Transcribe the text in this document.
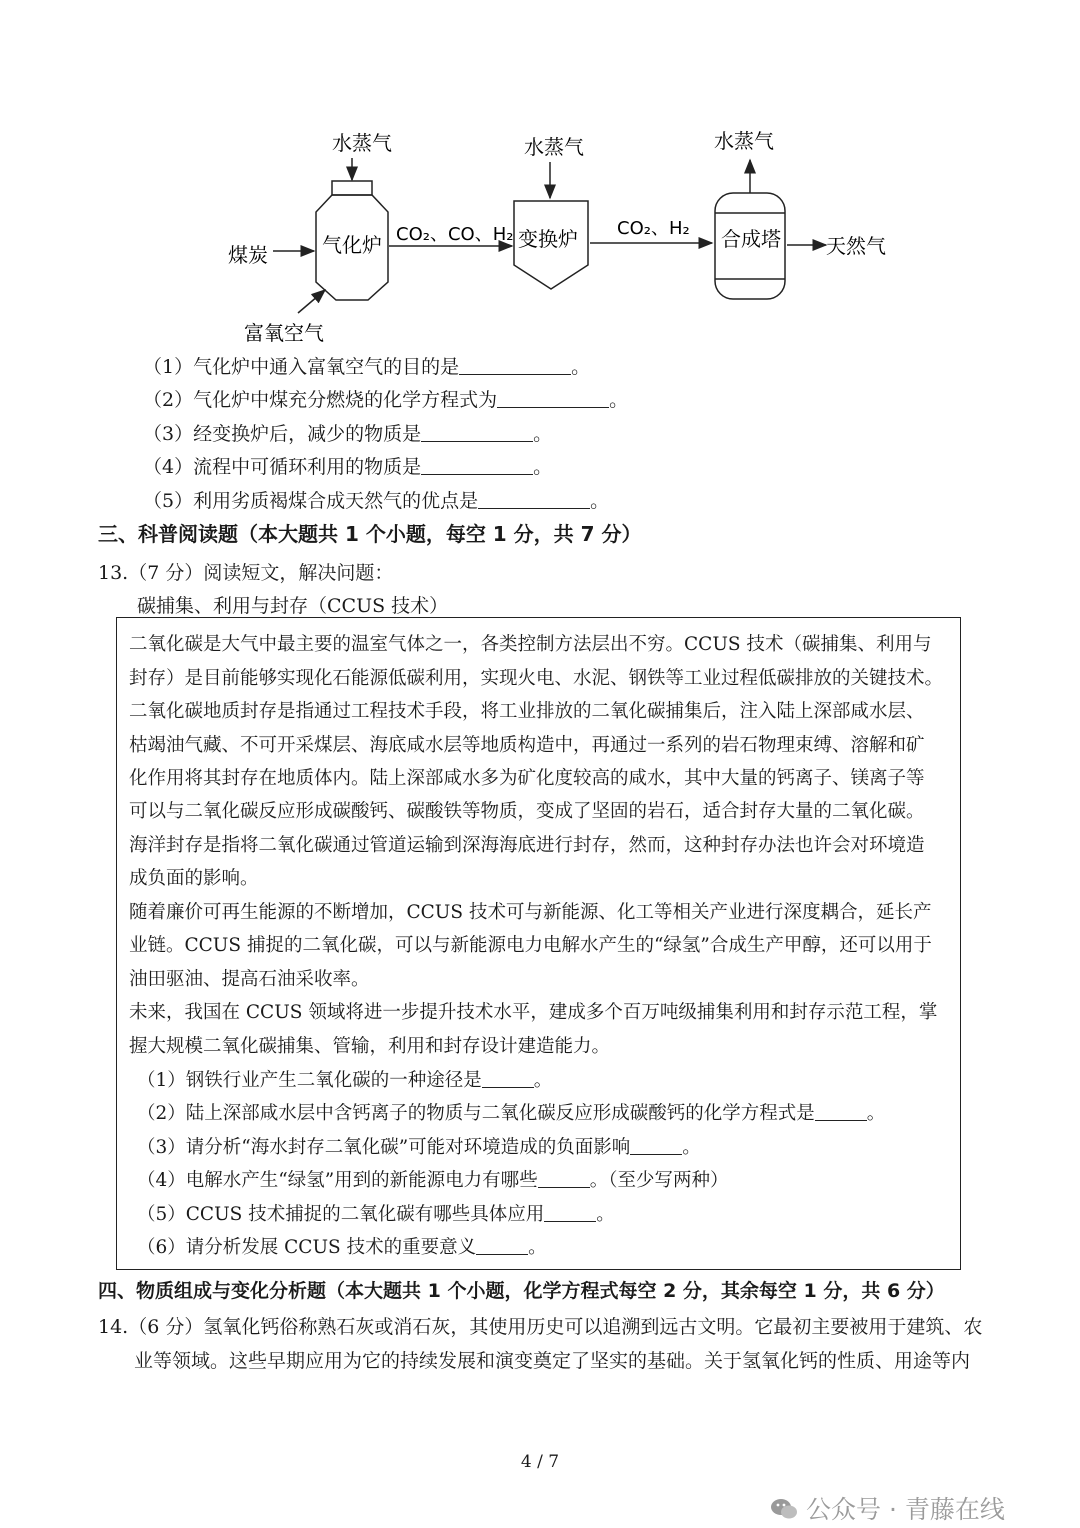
水蒸气
气化炉
煤炭
富氧空气
CO₂、CO、H₂
水蒸气
变换炉 CO₂、H₂
水蒸气
合成塔 天然气
（1）气化炉中通入富氧空气的目的是	。
（2）气化炉中煤充分燃烧的化学方程式为	。
（3）经变换炉后，减少的物质是	。
（4）流程中可循环利用的物质是	。
（5）利用劣质褐煤合成天然气的优点是	。
三、科普阅读题（本大题共 1 个小题，每空 1 分，共 7 分）
13.（7 分）阅读短文，解决问题：
碳捕集、利用与封存（CCUS 技术）
二氧化碳是大气中最主要的温室气体之一，各类控制方法层出不穷。CCUS 技术（碳捕集、利用与
封存）是目前能够实现化石能源低碳利用，实现火电、水泥、钢铁等工业过程低碳排放的关键技术。
二氧化碳地质封存是指通过工程技术手段，将工业排放的二氧化碳捕集后，注入陆上深部咸水层、
枯竭油气藏、不可开采煤层、海底咸水层等地质构造中，再通过一系列的岩石物理束缚、溶解和矿
化作用将其封存在地质体内。陆上深部咸水多为矿化度较高的咸水，其中大量的钙离子、镁离子等
可以与二氧化碳反应形成碳酸钙、碳酸铁等物质，变成了坚固的岩石，适合封存大量的二氧化碳。
海洋封存是指将二氧化碳通过管道运输到深海海底进行封存，然而，这种封存办法也许会对环境造
成负面的影响。
随着廉价可再生能源的不断增加，CCUS 技术可与新能源、化工等相关产业进行深度耦合，延长产
业链。CCUS 捕捉的二氧化碳，可以与新能源电力电解水产生的“绿氢”合成生产甲醇，还可以用于
油田驱油、提高石油采收率。
未来，我国在 CCUS 领域将进一步提升技术水平，建成多个百万吨级捕集利用和封存示范工程，掌
握大规模二氧化碳捕集、管输，利用和封存设计建造能力。
（1）钢铁行业产生二氧化碳的一种途径是	。
（2）陆上深部咸水层中含钙离子的物质与二氧化碳反应形成碳酸钙的化学方程式是	。
（3）请分析“海水封存二氧化碳”可能对环境造成的负面影响	。
（4）电解水产生“绿氢”用到的新能源电力有哪些	。（至少写两种）
（5）CCUS 技术捕捉的二氧化碳有哪些具体应用	。
（6）请分析发展 CCUS 技术的重要意义	。
四、物质组成与变化分析题（本大题共 1 个小题，化学方程式每空 2 分，其余每空 1 分，共 6 分）
14.（6 分）氢氧化钙俗称熟石灰或消石灰，其使用历史可以追溯到远古文明。它最初主要被用于建筑、农
业等领域。这些早期应用为它的持续发展和演变奠定了坚实的基础。关于氢氧化钙的性质、用途等内
4 / 7
公众号 · 青藤在线
